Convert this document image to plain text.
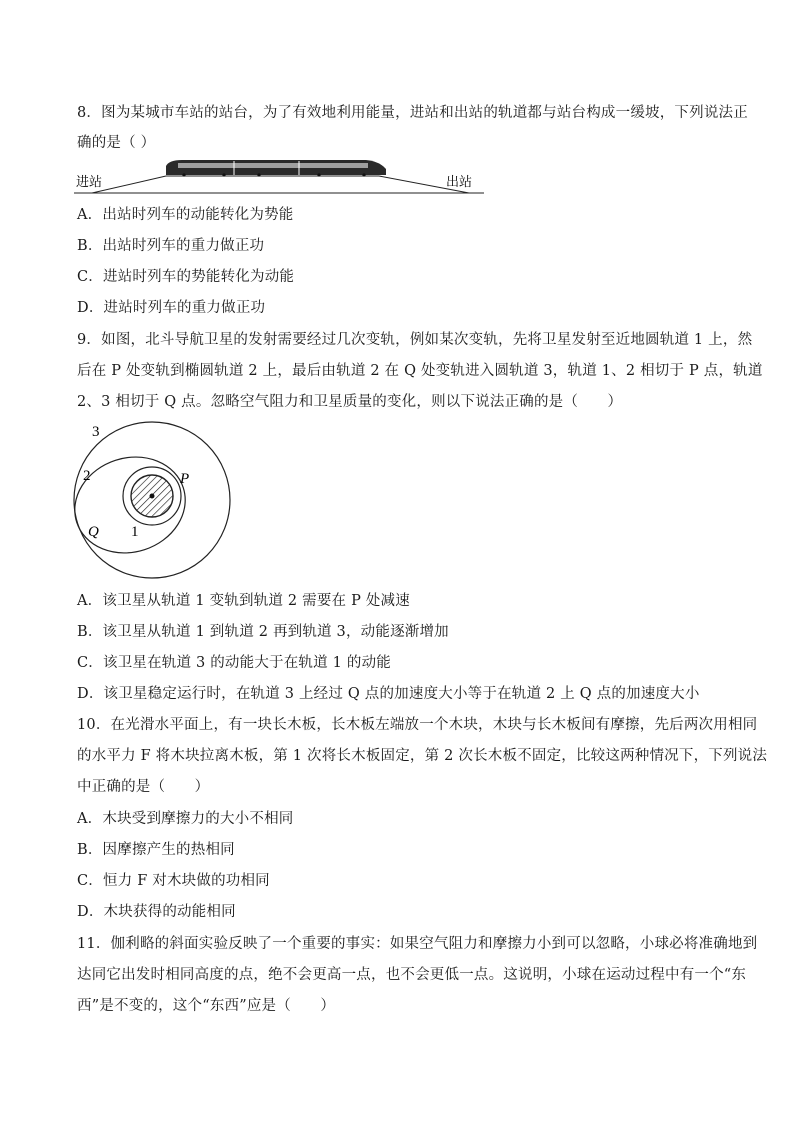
8．图为某城市车站的站台，为了有效地利用能量，进站和出站的轨道都与站台构成一缓坡，下列说法正
确的是（ ）
进站	出站
A．出站时列车的动能转化为势能
B．出站时列车的重力做正功
C．进站时列车的势能转化为动能
D．进站时列车的重力做正功
9．如图，北斗导航卫星的发射需要经过几次变轨，例如某次变轨，先将卫星发射至近地圆轨道 1 上，然
后在 P 处变轨到椭圆轨道 2 上，最后由轨道 2 在 Q 处变轨进入圆轨道 3，轨道 1、2 相切于 P 点，轨道
2、3 相切于 Q 点。忽略空气阻力和卫星质量的变化，则以下说法正确的是（　　）
3
2
1
P
Q
A．该卫星从轨道 1 变轨到轨道 2 需要在 P 处减速
B．该卫星从轨道 1 到轨道 2 再到轨道 3，动能逐渐增加
C．该卫星在轨道 3 的动能大于在轨道 1 的动能
D．该卫星稳定运行时，在轨道 3 上经过 Q 点的加速度大小等于在轨道 2 上 Q 点的加速度大小
10．在光滑水平面上，有一块长木板，长木板左端放一个木块，木块与长木板间有摩擦，先后两次用相同
的水平力 F 将木块拉离木板，第 1 次将长木板固定，第 2 次长木板不固定，比较这两种情况下，下列说法
中正确的是（　　）
A．木块受到摩擦力的大小不相同
B．因摩擦产生的热相同
C．恒力 F 对木块做的功相同
D．木块获得的动能相同
11．伽利略的斜面实验反映了一个重要的事实：如果空气阻力和摩擦力小到可以忽略，小球必将准确地到
达同它出发时相同高度的点，绝不会更高一点，也不会更低一点。这说明，小球在运动过程中有一个“东
西”是不变的，这个“东西”应是（　　）
